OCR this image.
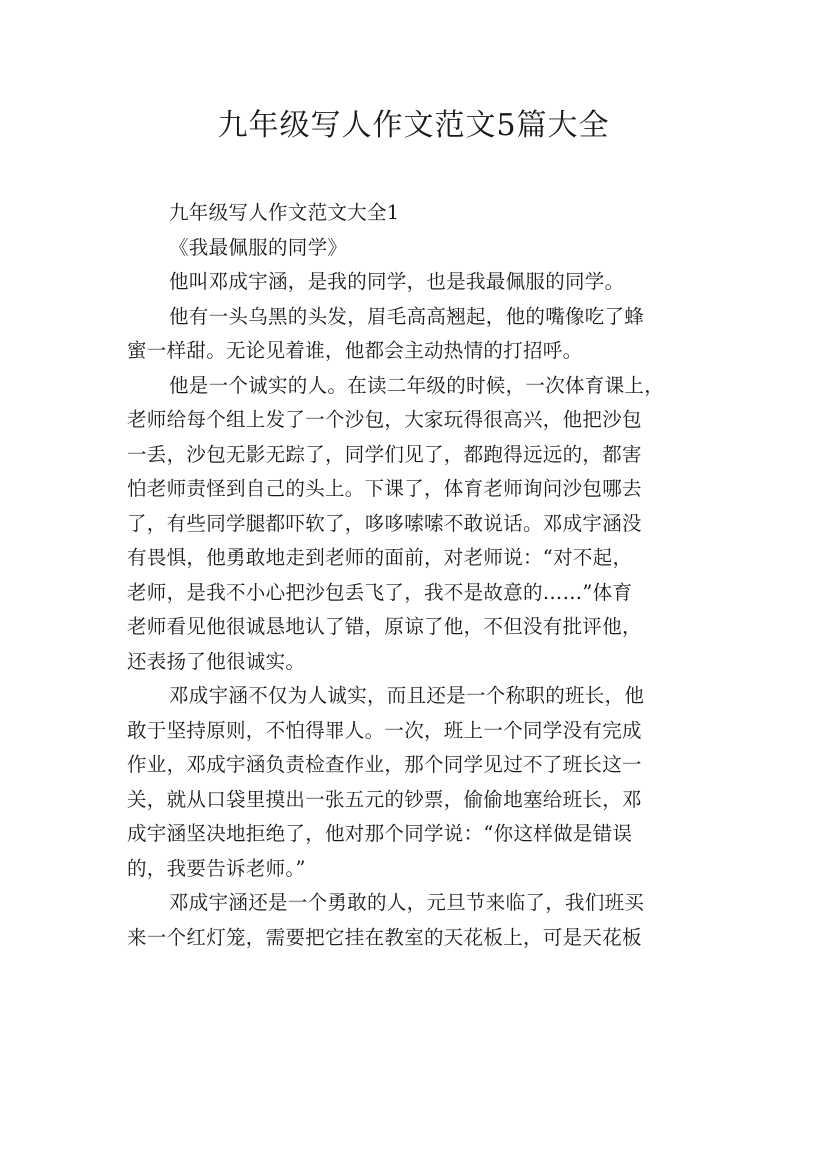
九年级写人作文范文5篇大全
九年级写人作文范文大全1
《我最佩服的同学》
他叫邓成宇涵，是我的同学，也是我最佩服的同学。
他有一头乌黑的头发，眉毛高高翘起，他的嘴像吃了蜂
蜜一样甜。无论见着谁，他都会主动热情的打招呼。
他是一个诚实的人。在读二年级的时候，一次体育课上，
老师给每个组上发了一个沙包，大家玩得很高兴，他把沙包
一丢，沙包无影无踪了，同学们见了，都跑得远远的，都害
怕老师责怪到自己的头上。下课了，体育老师询问沙包哪去
了，有些同学腿都吓软了，哆哆嗦嗦不敢说话。邓成宇涵没
有畏惧，他勇敢地走到老师的面前，对老师说：“对不起，
老师，是我不小心把沙包丢飞了，我不是故意的……”体育
老师看见他很诚恳地认了错，原谅了他，不但没有批评他，
还表扬了他很诚实。
邓成宇涵不仅为人诚实，而且还是一个称职的班长，他
敢于坚持原则，不怕得罪人。一次，班上一个同学没有完成
作业，邓成宇涵负责检查作业，那个同学见过不了班长这一
关，就从口袋里摸出一张五元的钞票，偷偷地塞给班长，邓
成宇涵坚决地拒绝了，他对那个同学说：“你这样做是错误
的，我要告诉老师。”
邓成宇涵还是一个勇敢的人，元旦节来临了，我们班买
来一个红灯笼，需要把它挂在教室的天花板上，可是天花板
